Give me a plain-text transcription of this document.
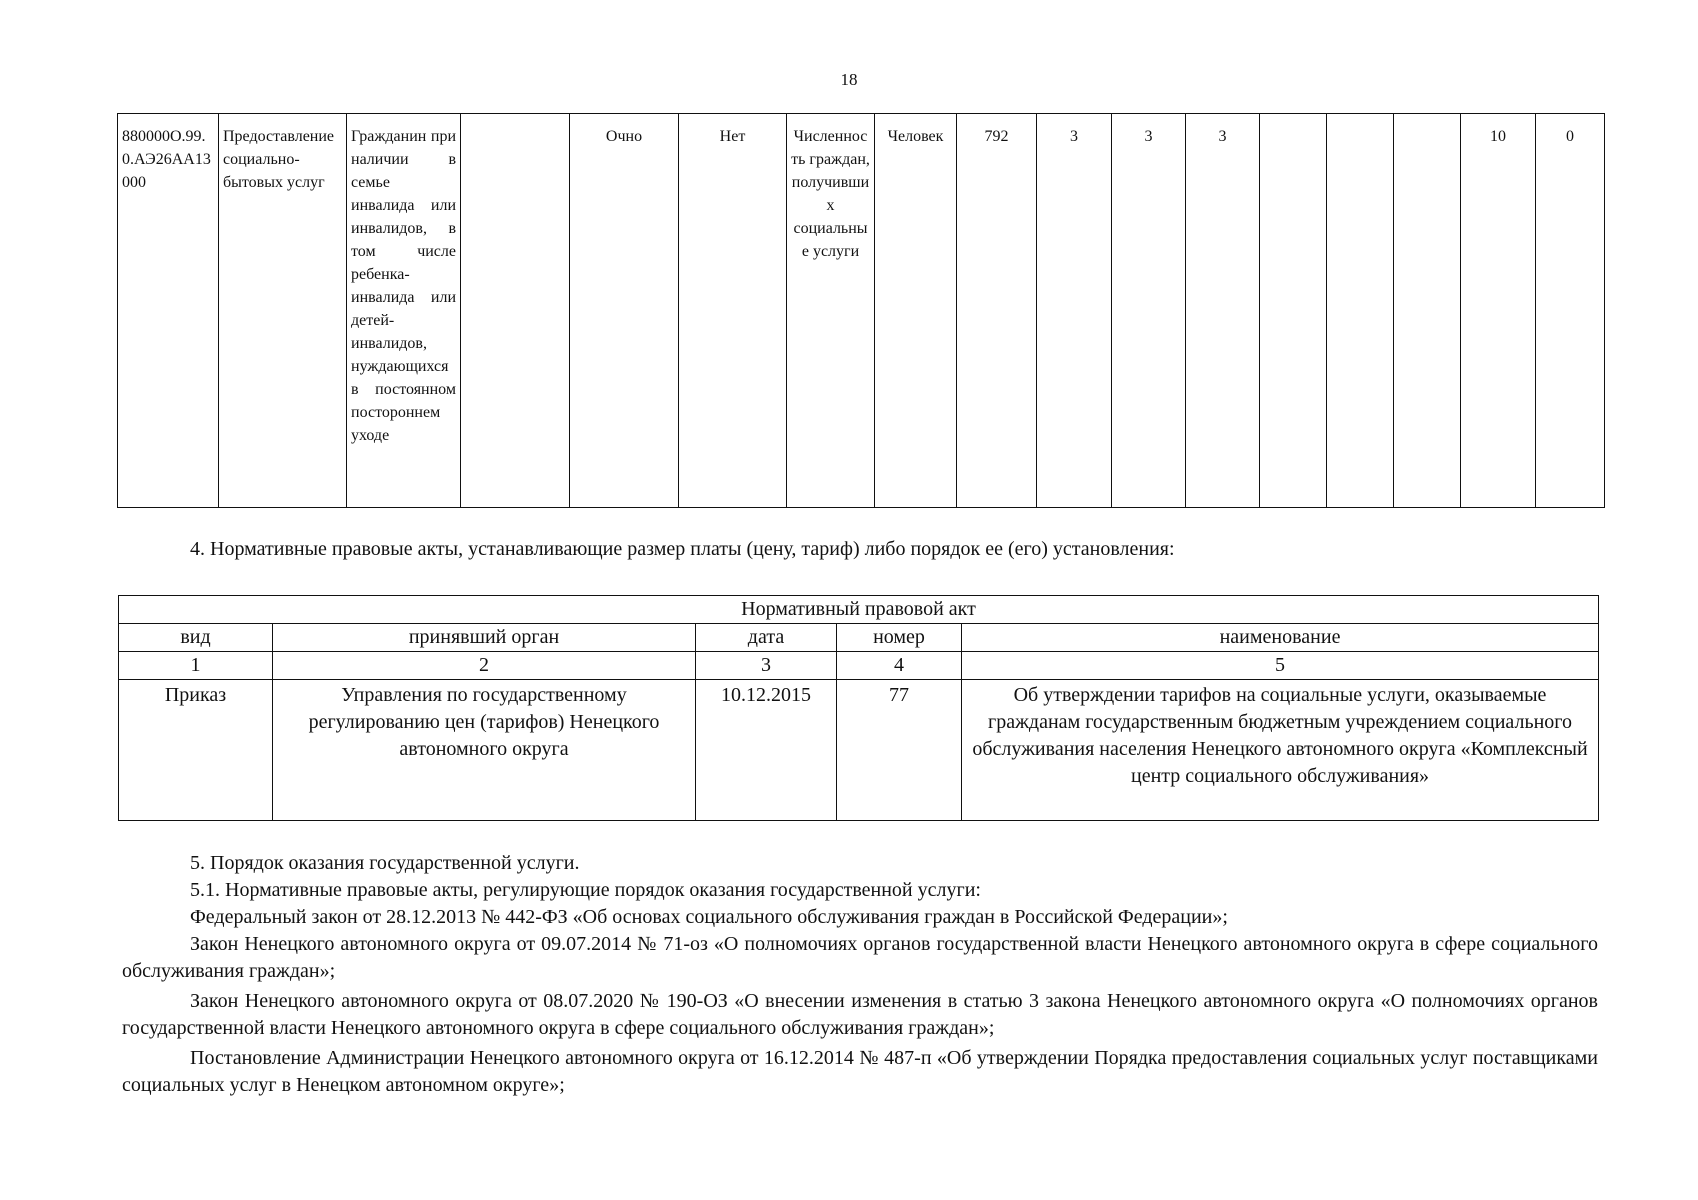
18
880000О.99.0.АЭ26АА13000	Предоставление социально-бытовых услуг	Гражданин при наличии в семье инвалида или инвалидов, в том числе ребенка-инвалида или детей-инвалидов, нуждающихся в постоянном постороннем уходе		Очно	Нет	Численность граждан, получивших социальные услуги	Человек	792	3	3	3				10	0
4. Нормативные правовые акты, устанавливающие размер платы (цену, тариф) либо порядок ее (его) установления:
Нормативный правовой акт				
вид	принявший орган	дата	номер	наименование
1	2	3	4	5
Приказ	Управления по государственному регулированию цен (тарифов) Ненецкого автономного округа	10.12.2015	77	Об утверждении тарифов на социальные услуги, оказываемые гражданам государственным бюджетным учреждением социального обслуживания населения Ненецкого автономного округа «Комплексный центр социального обслуживания»

5. Порядок оказания государственной услуги.

5.1. Нормативные правовые акты, регулирующие порядок оказания государственной услуги:

Федеральный закон от 28.12.2013 № 442-ФЗ «Об основах социального обслуживания граждан в Российской Федерации»;

Закон Ненецкого автономного округа от 09.07.2014 № 71-оз «О полномочиях органов государственной власти Ненецкого автономного округа в сфере социального обслуживания граждан»;

Закон Ненецкого автономного округа от 08.07.2020 № 190-ОЗ «О внесении изменения в статью 3 закона Ненецкого автономного округа «О полномочиях органов государственной власти Ненецкого автономного округа в сфере социального обслуживания граждан»;

Постановление Администрации Ненецкого автономного округа от 16.12.2014 № 487-п «Об утверждении Порядка предоставления социальных услуг поставщиками социальных услуг в Ненецком автономном округе»;
